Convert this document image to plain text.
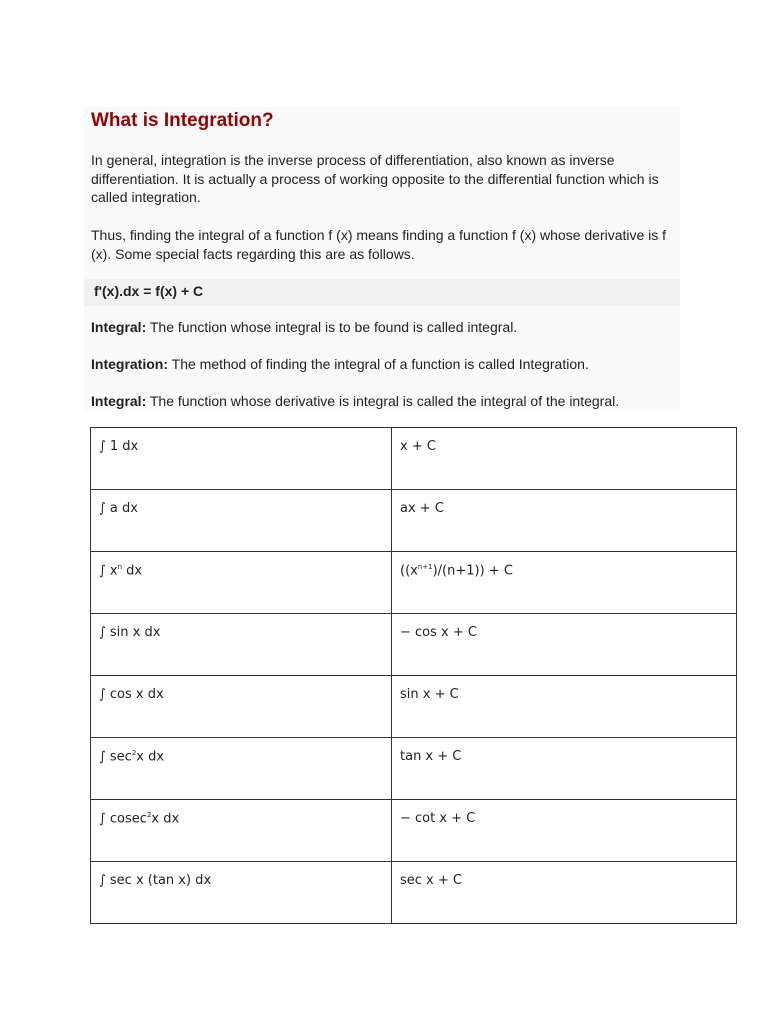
What is Integration?

In general, integration is the inverse process of differentiation, also known as inverse differentiation. It is actually a process of working opposite to the differential function which is called integration.

Thus, finding the integral of a function f (x) means finding a function f (x) whose derivative is f (x). Some special facts regarding this are as follows.

f'(x).dx = f(x) + C

Integral: The function whose integral is to be found is called integral.

Integration: The method of finding the integral of a function is called Integration.

Integral: The function whose derivative is integral is called the integral of the integral.

∫ 1 dx	x + C
∫ a dx	ax + C
∫ $x^n$ dx	$((x^{n+1})/(n+1)) + C$
∫ sin x dx	− cos x + C
∫ cos x dx	sin x + C
∫ $\sec^2x$ dx	tan x + C
∫ cosec$^2$x dx	− cot x + C
∫ sec x (tan x) dx	sec x + C
